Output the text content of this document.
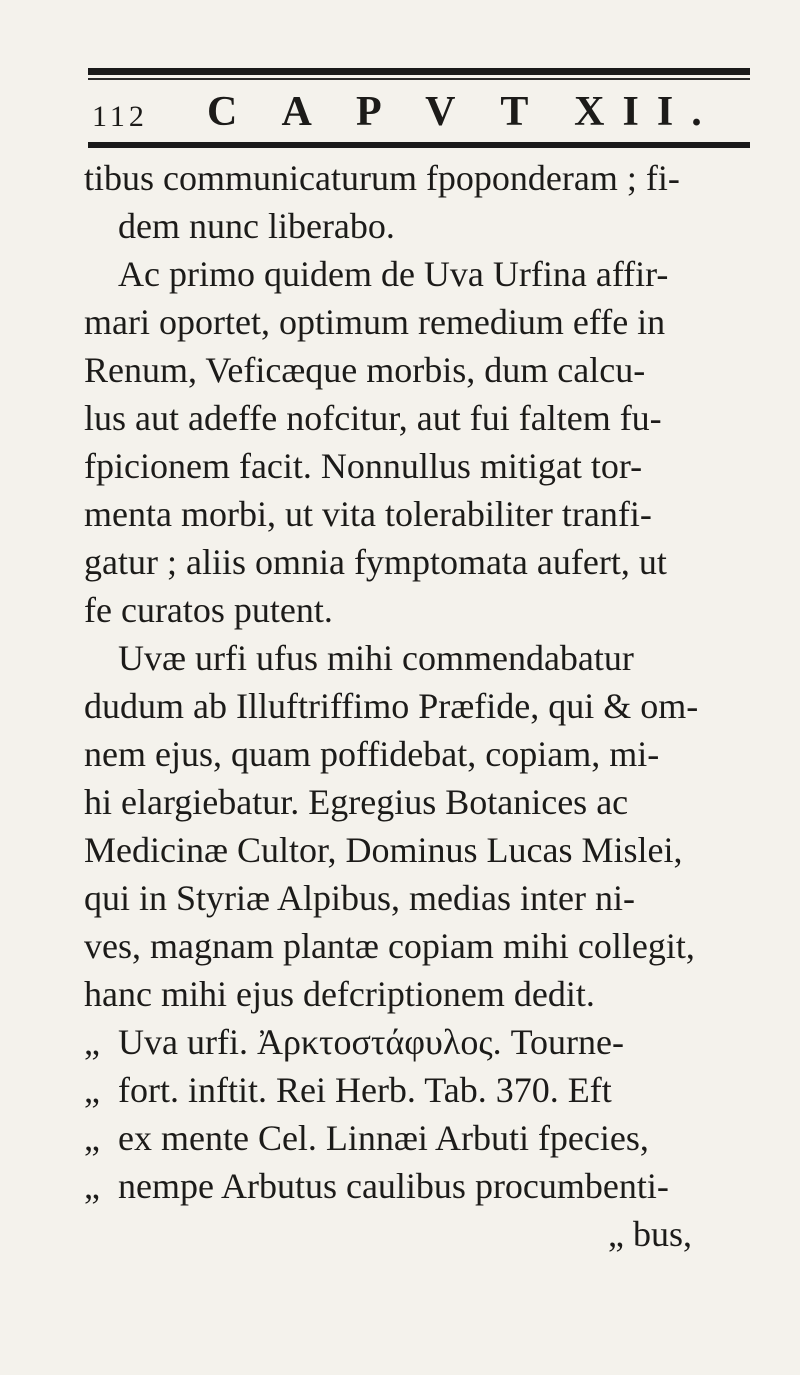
112 C A P V T XII.
tibus communicaturum fpoponderam ; fi-
dem nunc liberabo.
Ac primo quidem de Uva Urfina affir-
mari oportet, optimum remedium effe in
Renum, Veficæque morbis, dum calcu-
lus aut adeffe nofcitur, aut fui faltem fu-
fpicionem facit. Nonnullus mitigat tor-
menta morbi, ut vita tolerabiliter tranfi-
gatur ; aliis omnia fymptomata aufert, ut
fe curatos putent.
Uvæ urfi ufus mihi commendabatur
dudum ab Illuftriffimo Præfide, qui & om-
nem ejus, quam poffidebat, copiam, mi-
hi elargiebatur. Egregius Botanices ac
Medicinæ Cultor, Dominus Lucas Mislei,
qui in Styriæ Alpibus, medias inter ni-
ves, magnam plantæ copiam mihi collegit,
hanc mihi ejus defcriptionem dedit.
„ Uva urfi. Ἀρκτοστάφυλος. Tourne-
„ fort. inftit. Rei Herb. Tab. 370. Eft
„ ex mente Cel. Linnæi Arbuti fpecies,
„ nempe Arbutus caulibus procumbenti-
„ bus,
